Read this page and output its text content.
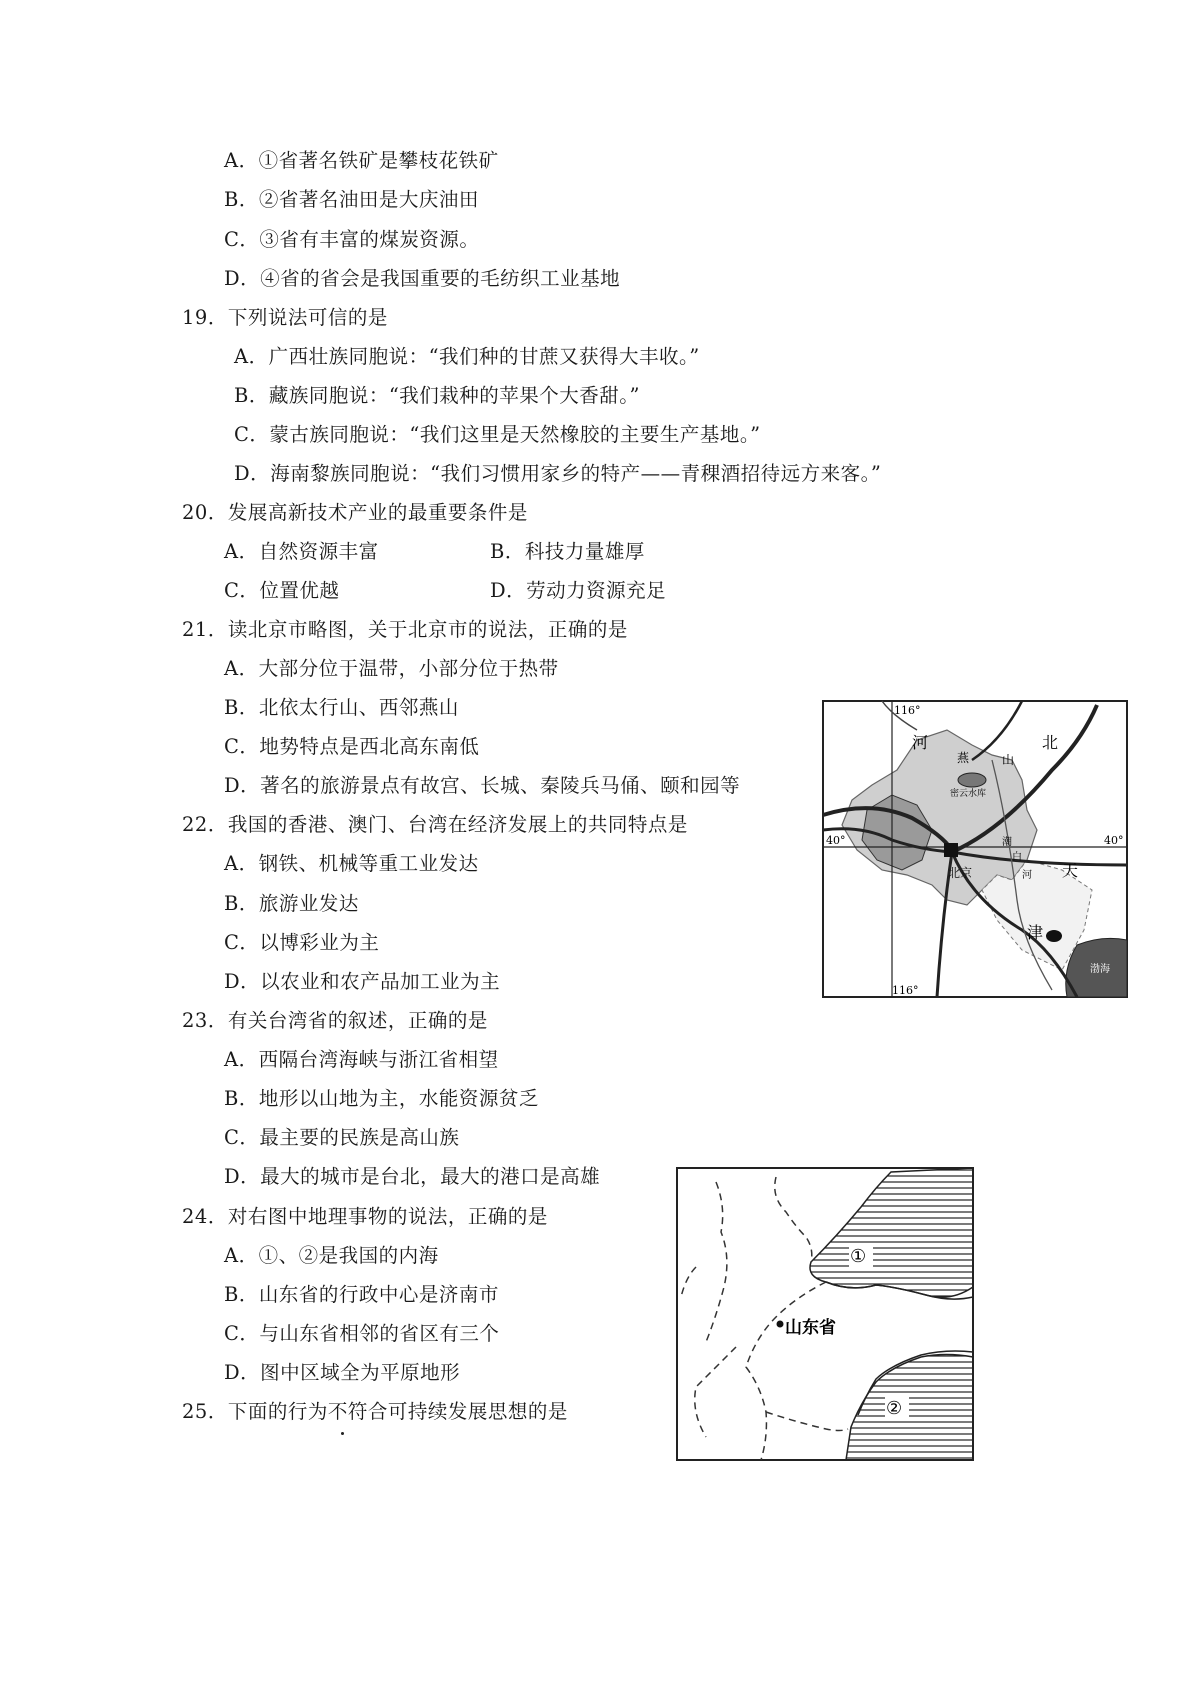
A．①省著名铁矿是攀枝花铁矿
B．②省著名油田是大庆油田
C．③省有丰富的煤炭资源。
D．④省的省会是我国重要的毛纺织工业基地
19．下列说法可信的是
A．广西壮族同胞说：“我们种的甘蔗又获得大丰收。”
B．藏族同胞说：“我们栽种的苹果个大香甜。”
C．蒙古族同胞说：“我们这里是天然橡胶的主要生产基地。”
D．海南黎族同胞说：“我们习惯用家乡的特产——青稞酒招待远方来客。”
20．发展高新技术产业的最重要条件是
A．自然资源丰富	B．科技力量雄厚
C．位置优越	D．劳动力资源充足
21．读北京市略图，关于北京市的说法，正确的是
A．大部分位于温带，小部分位于热带
B．北依太行山、西邻燕山
C．地势特点是西北高东南低
D．著名的旅游景点有故宫、长城、秦陵兵马俑、颐和园等
22．我国的香港、澳门、台湾在经济发展上的共同特点是
A．钢铁、机械等重工业发达
B．旅游业发达
C．以博彩业为主
D．以农业和农产品加工业为主
23．有关台湾省的叙述，正确的是
A．西隔台湾海峡与浙江省相望
B．地形以山地为主，水能资源贫乏
C．最主要的民族是高山族
D．最大的城市是台北，最大的港口是高雄
24．对右图中地理事物的说法，正确的是
A．①、②是我国的内海
B．山东省的行政中心是济南市
C．与山东省相邻的省区有三个
D．图中区域全为平原地形
25．下面的行为不符合可持续发展思想的是
116°
116°
40°	40°
河	北
燕	山
密云水库
北京
潮
白
河 天
津
渤海
山东省
①
②
